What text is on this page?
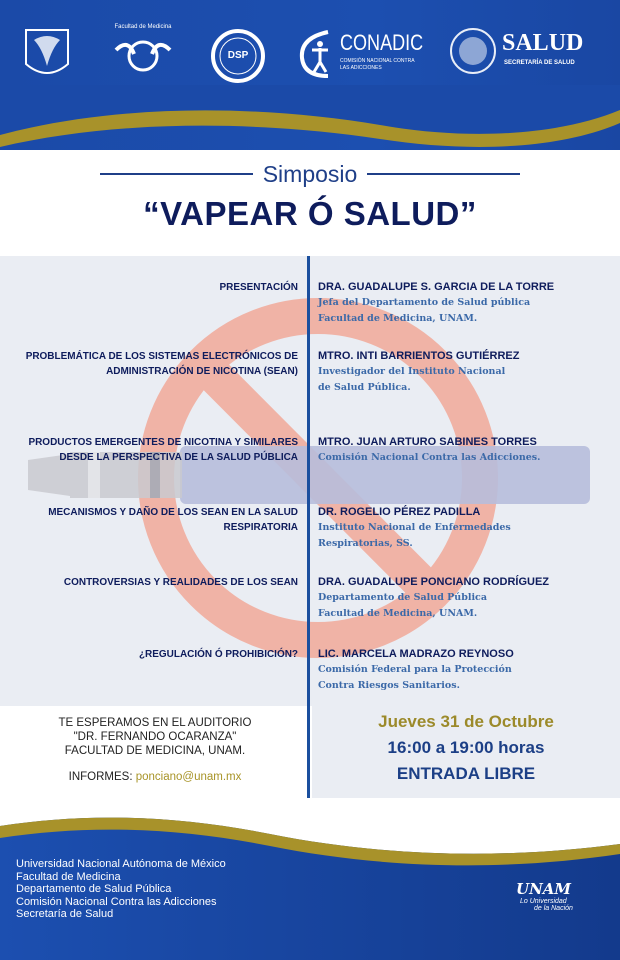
Facultad de Medicina
DSP
CONADIC
COMISIÓN NACIONAL CONTRA
LAS ADICCIONES
SALUD
SECRETARÍA DE SALUD
Simposio
“VAPEAR Ó SALUD”
PRESENTACIÓN DRA. GUADALUPE S. GARCIA DE LA TORRE
Jefa del Departamento de Salud pública
Facultad de Medicina, UNAM.
PROBLEMÁTICA DE LOS SISTEMAS ELECTRÓNICOS DE
ADMINISTRACIÓN DE NICOTINA (SEAN)
MTRO. INTI BARRIENTOS GUTIÉRREZ
Investigador del Instituto Nacional
de Salud Pública.
PRODUCTOS EMERGENTES DE NICOTINA Y SIMILARES
DESDE LA PERSPECTIVA DE LA SALUD PÚBLICA
MTRO. JUAN ARTURO SABINES TORRES
Comisión Nacional Contra las Adicciones.
MECANISMOS Y DAÑO DE LOS SEAN EN LA SALUD
RESPIRATORIA
DR. ROGELIO PÉREZ PADILLA
Instituto Nacional de Enfermedades
Respiratorias, SS.
CONTROVERSIAS Y REALIDADES DE LOS SEAN DRA. GUADALUPE PONCIANO RODRÍGUEZ
Departamento de Salud Pública
Facultad de Medicina, UNAM.
¿REGULACIÓN Ó PROHIBICIÓN? LIC. MARCELA MADRAZO REYNOSO
Comisión Federal para la Protección
Contra Riesgos Sanitarios.
TE ESPERAMOS EN EL AUDITORIO
"DR. FERNANDO OCARANZA"
FACULTAD DE MEDICINA, UNAM.
INFORMES: ponciano@unam.mx
Jueves 31 de Octubre
16:00 a 19:00 horas
ENTRADA LIBRE
Universidad Nacional Autónoma de México
Facultad de Medicina
Departamento de Salud Pública
Comisión Nacional Contra las Adicciones
Secretaría de Salud
UNAM
Lo Universidad
de la Nación
